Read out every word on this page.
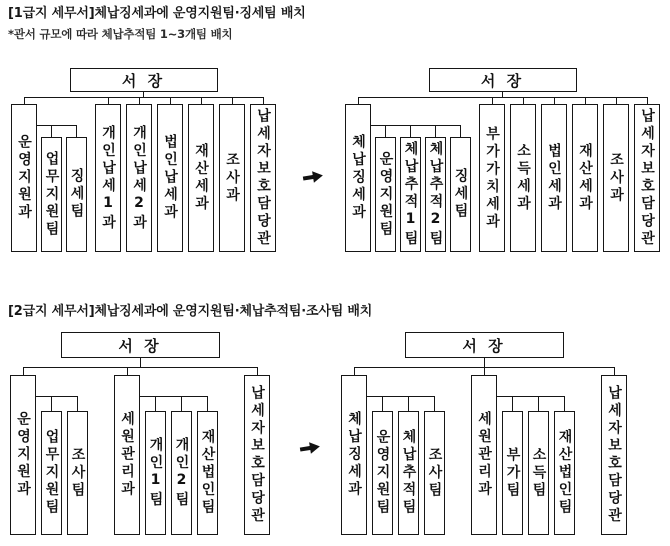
[1급지 세무서]체납징세과에 운영지원팀·징세팀 배치
*관서 규모에 따라 체납추적팀 1~3개팀 배치
서 장
운영지원과 업무지원팀 징세팀 개인납세1과 개인납세2과 법인납세과 재산세과 조사과 납세자보호담당관
서 장
체납징세과 운영지원팀 체납추적1팀 체납추적2팀 징세팀 부가가치세과 소득세과 법인세과 재산세과 조사과 납세자보호담당관
[2급지 세무서]체납징세과에 운영지원팀·체납추적팀·조사팀 배치
서 장
운영지원과 업무지원팀 조사팀 세원관리과 개인1팀 개인2팀 재산법인팀 납세자보호담당관
서 장
체납징세과 운영지원팀 체납추적팀 조사팀 세원관리과 부가팀 소득팀 재산법인팀 납세자보호담당관
